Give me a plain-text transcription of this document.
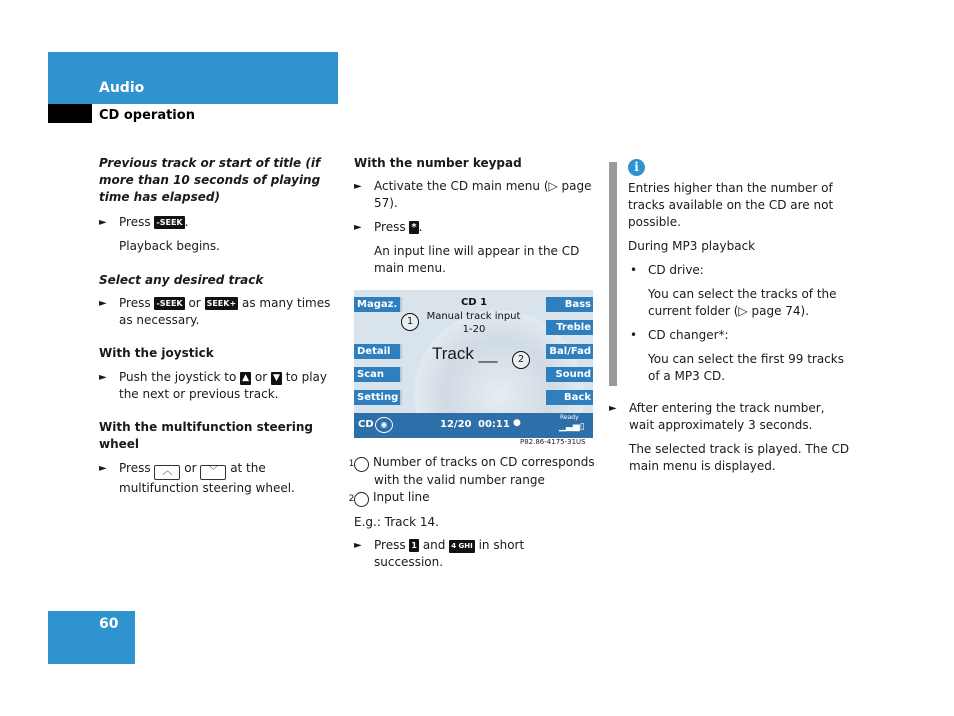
Audio
CD operation

Previous track or start of title (if more than 10 seconds of playing time has elapsed)

► Press -SEEK .

Playback begins.

Select any desired track

► Press -SEEK or SEEK+ as many times as necessary.

With the joystick

► Push the joystick to ▲ or ▼ to play the next or previous track.

With the multifunction steering wheel

► Press ︿ or ﹀ at the multifunction steering wheel.

With the number keypad

► Activate the CD main menu (▷ page 57).

► Press * .

An input line will appear in the CD main menu.

Magaz.
Detail
Scan
Setting
Bass
Treble
Bal/Fad
Sound
Back
CD 1
1	Manual track input
1-20
Track __	2
CD ◉	12/20 00:11 ●
Ready
▁▃▅▯
P82.86-4175-31US

1 Number of tracks on CD corresponds with the valid number range

2 Input line

E.g.: Track 14.

► Press 1 and 4 GHI in short succession.

i

Entries higher than the number of tracks available on the CD are not possible.

During MP3 playback

• CD drive:

You can select the tracks of the current folder (▷ page 74).

• CD changer*:

You can select the first 99 tracks of a MP3 CD.

► After entering the track number, wait approximately 3 seconds.

The selected track is played. The CD main menu is displayed.

60
